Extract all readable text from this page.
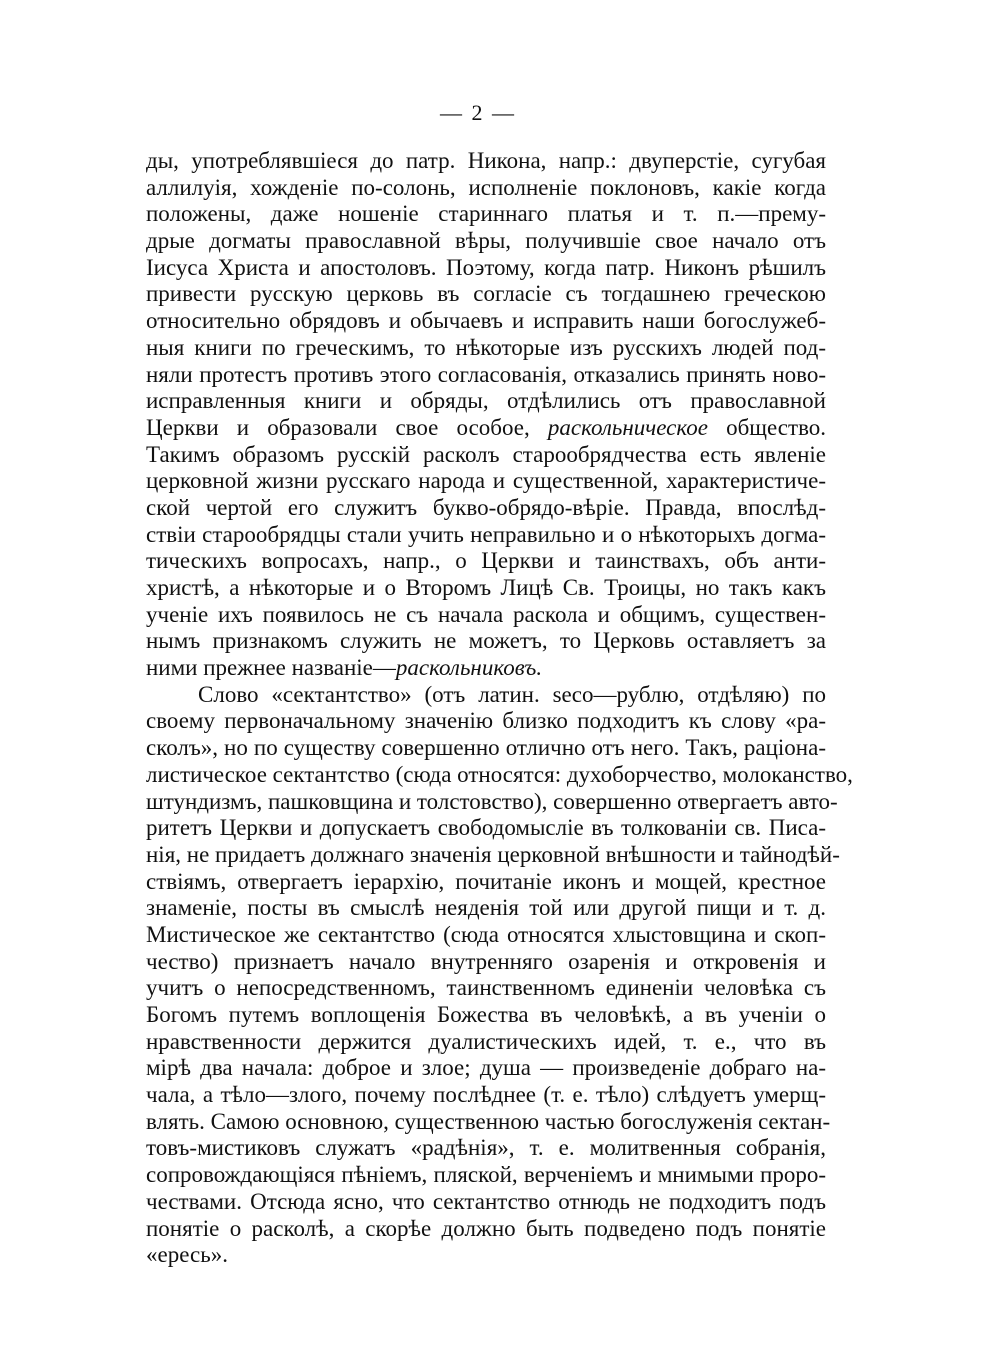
— 2 —
ды, употреблявшіеся до патр. Никона, напр.: двуперстіе, сугубая
аллилуія, хожденіе по-солонь, исполненіе поклоновъ, какіе когда
положены, даже ношеніе стариннаго платья и т. п.—прему-
дрые догматы православной вѣры, получившіе свое начало отъ
Іисуса Христа и апостоловъ. Поэтому, когда патр. Никонъ рѣшилъ
привести русскую церковь въ согласіе съ тогдашнею греческою
относительно обрядовъ и обычаевъ и исправить наши богослужеб-
ныя книги по греческимъ, то нѣкоторые изъ русскихъ людей под-
няли протестъ противъ этого согласованія, отказались принять ново-
исправленныя книги и обряды, отдѣлились отъ православной
Церкви и образовали свое особое, раскольническое общество.
Такимъ образомъ русскій расколъ старообрядчества есть явленіе
церковной жизни русскаго народа и существенной, характеристиче-
ской чертой его служитъ букво-обрядо-вѣріе. Правда, впослѣд-
ствіи старообрядцы стали учить неправильно и о нѣкоторыхъ догма-
тическихъ вопросахъ, напр., о Церкви и таинствахъ, объ анти-
христѣ, а нѣкоторые и о Второмъ Лицѣ Св. Троицы, но такъ какъ
ученіе ихъ появилось не съ начала раскола и общимъ, существен-
нымъ признакомъ служить не можетъ, то Церковь оставляетъ за
ними прежнее названіе—раскольниковъ.
Слово «сектантство» (отъ латин. seco—рублю, отдѣляю) по
своему первоначальному значенію близко подходитъ къ слову «ра-
сколъ», но по существу совершенно отлично отъ него. Такъ, раціона-
листическое сектантство (сюда относятся: духоборчество, молоканство,
штундизмъ, пашковщина и толстовство), совершенно отвергаетъ авто-
ритетъ Церкви и допускаетъ свободомысліе въ толкованіи св. Писа-
нія, не придаетъ должнаго значенія церковной внѣшности и тайнодѣй-
ствіямъ, отвергаетъ іерархію, почитаніе иконъ и мощей, крестное
знаменіе, посты въ смыслѣ неяденія той или другой пищи и т. д.
Мистическое же сектантство (сюда относятся хлыстовщина и скоп-
чество) признаетъ начало внутренняго озаренія и откровенія и
учитъ о непосредственномъ, таинственномъ единеніи человѣка съ
Богомъ путемъ воплощенія Божества въ человѣкѣ, а въ ученіи о
нравственности держится дуалистическихъ идей, т. е., что въ
мірѣ два начала: доброе и злое; душа — произведеніе добраго на-
чала, а тѣло—злого, почему послѣднее (т. е. тѣло) слѣдуетъ умерщ-
влять. Самою основною, существенною частью богослуженія сектан-
товъ-мистиковъ служатъ «радѣнія», т. е. молитвенныя собранія,
сопровождающіяся пѣніемъ, пляской, верченіемъ и мнимыми проро-
чествами. Отсюда ясно, что сектантство отнюдь не подходитъ подъ
понятіе о расколѣ, а скорѣе должно быть подведено подъ понятіе
«ересь».
